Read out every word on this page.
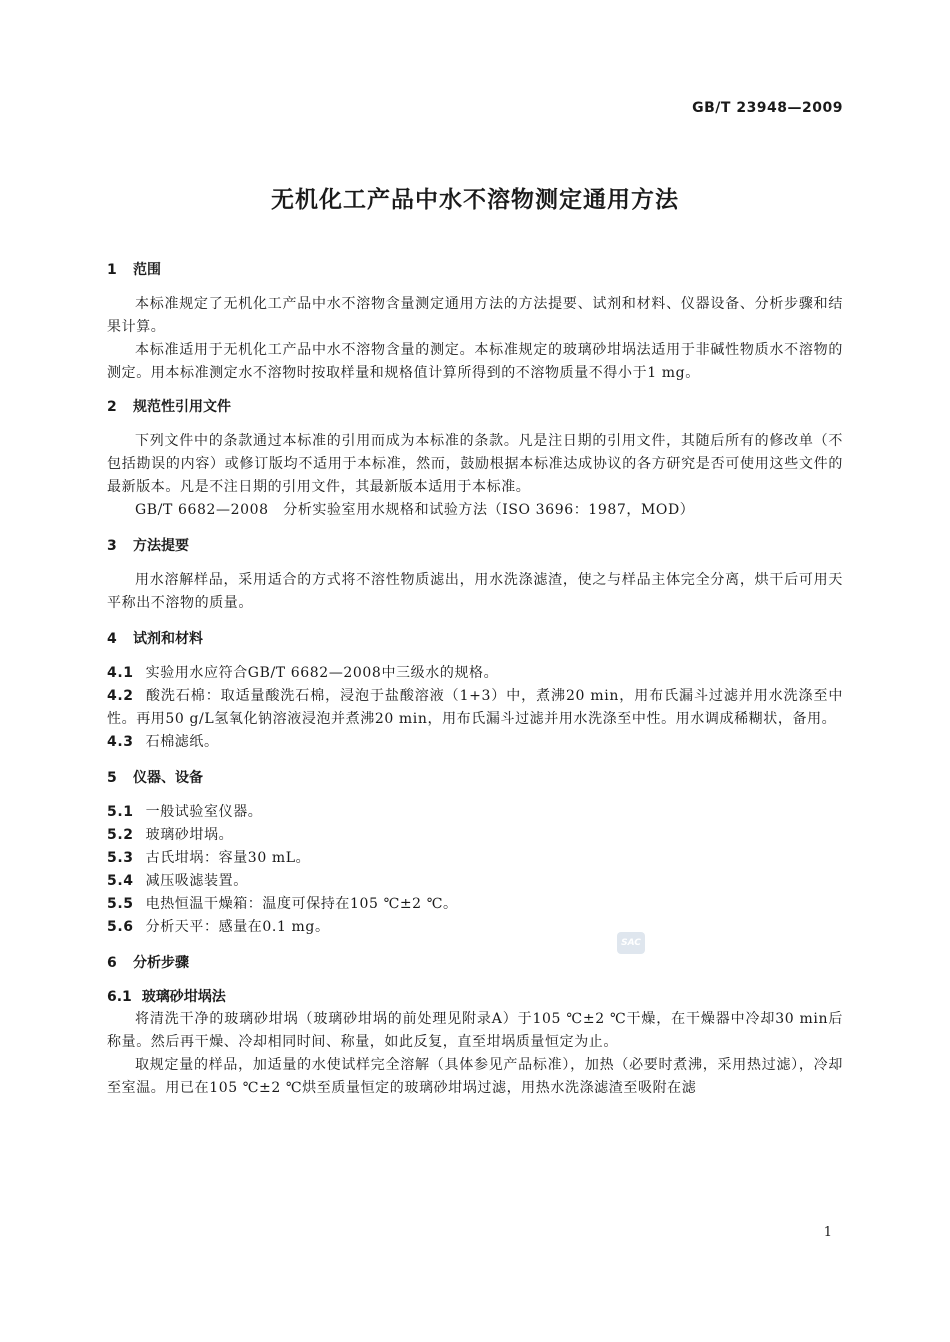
GB/T 23948—2009
无机化工产品中水不溶物测定通用方法
1 范围
本标准规定了无机化工产品中水不溶物含量测定通用方法的方法提要、试剂和材料、仪器设备、分析步骤和结果计算。
本标准适用于无机化工产品中水不溶物含量的测定。本标准规定的玻璃砂坩埚法适用于非碱性物质水不溶物的测定。用本标准测定水不溶物时按取样量和规格值计算所得到的不溶物质量不得小于1 mg。
2 规范性引用文件
下列文件中的条款通过本标准的引用而成为本标准的条款。凡是注日期的引用文件，其随后所有的修改单（不包括勘误的内容）或修订版均不适用于本标准，然而，鼓励根据本标准达成协议的各方研究是否可使用这些文件的最新版本。凡是不注日期的引用文件，其最新版本适用于本标准。
GB/T 6682—2008　分析实验室用水规格和试验方法（ISO 3696：1987，MOD）
3 方法提要
用水溶解样品，采用适合的方式将不溶性物质滤出，用水洗涤滤渣，使之与样品主体完全分离，烘干后可用天平称出不溶物的质量。
4 试剂和材料
4.1 实验用水应符合GB/T 6682—2008中三级水的规格。
4.2 酸洗石棉：取适量酸洗石棉，浸泡于盐酸溶液（1+3）中，煮沸20 min，用布氏漏斗过滤并用水洗涤至中性。再用50 g/L氢氧化钠溶液浸泡并煮沸20 min，用布氏漏斗过滤并用水洗涤至中性。用水调成稀糊状，备用。
4.3 石棉滤纸。
5 仪器、设备
5.1 一般试验室仪器。
5.2 玻璃砂坩埚。
5.3 古氏坩埚：容量30 mL。
5.4 减压吸滤装置。
5.5 电热恒温干燥箱：温度可保持在105 ℃±2 ℃。
5.6 分析天平：感量在0.1 mg。
6 分析步骤
6.1 玻璃砂坩埚法
将清洗干净的玻璃砂坩埚（玻璃砂坩埚的前处理见附录A）于105 ℃±2 ℃干燥，在干燥器中冷却30 min后称量。然后再干燥、冷却相同时间、称量，如此反复，直至坩埚质量恒定为止。
取规定量的样品，加适量的水使试样完全溶解（具体参见产品标准），加热（必要时煮沸，采用热过滤），冷却至室温。用已在105 ℃±2 ℃烘至质量恒定的玻璃砂坩埚过滤，用热水洗涤滤渣至吸附在滤
SAC
1
